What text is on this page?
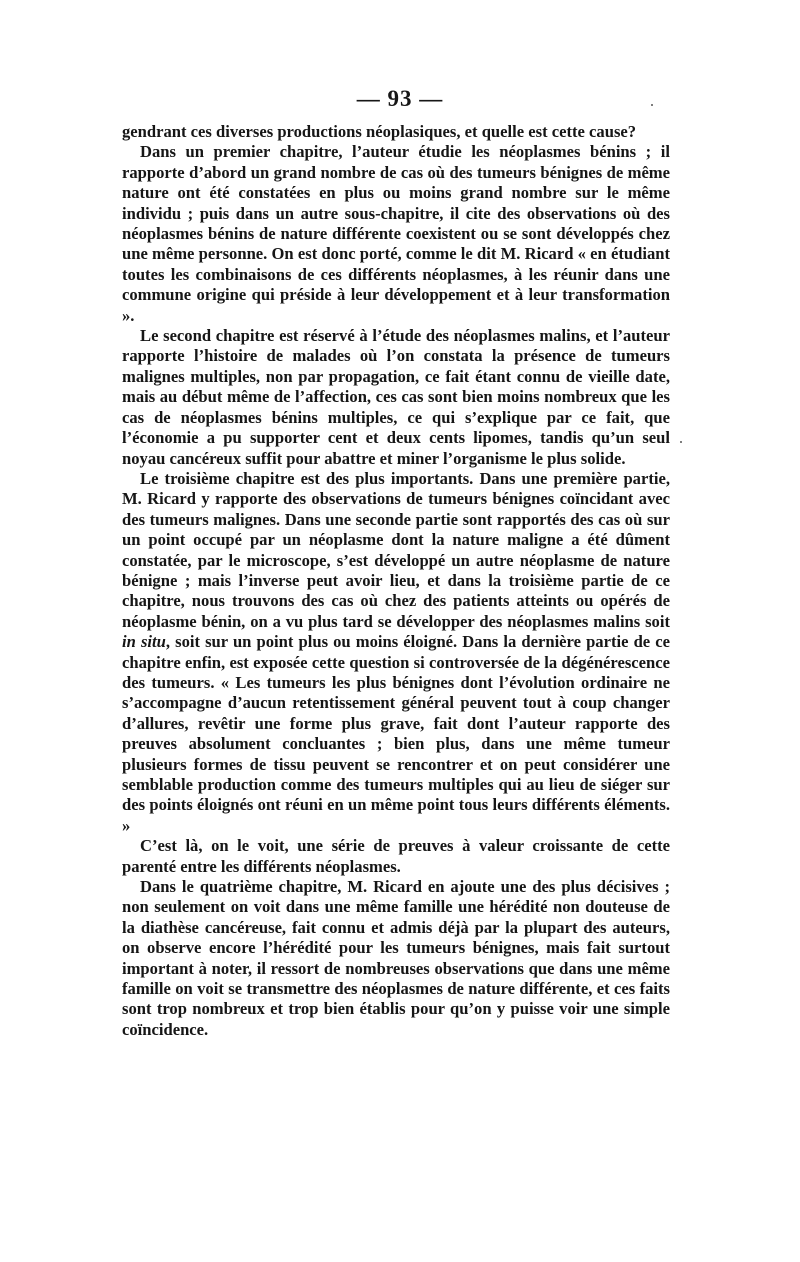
— 93 —

gendrant ces diverses productions néoplasiques, et quelle est cette cause?

Dans un premier chapitre, l’auteur étudie les néoplasmes bénins ; il rapporte d’abord un grand nombre de cas où des tumeurs bénignes de même nature ont été constatées en plus ou moins grand nombre sur le même individu ; puis dans un autre sous-chapitre, il cite des observations où des néoplasmes bénins de nature différente coexistent ou se sont développés chez une même personne. On est donc porté, comme le dit M. Ricard « en étudiant toutes les combinaisons de ces différents néoplasmes, à les réunir dans une commune origine qui préside à leur développement et à leur transformation ».

Le second chapitre est réservé à l’étude des néoplasmes malins, et l’auteur rapporte l’histoire de malades où l’on constata la présence de tumeurs malignes multiples, non par propagation, ce fait étant connu de vieille date, mais au début même de l’affection, ces cas sont bien moins nombreux que les cas de néoplasmes bénins multiples, ce qui s’explique par ce fait, que l’économie a pu supporter cent et deux cents lipomes, tandis qu’un seul noyau cancéreux suffit pour abattre et miner l’organisme le plus solide.

Le troisième chapitre est des plus importants. Dans une première partie, M. Ricard y rapporte des observations de tumeurs bénignes coïncidant avec des tumeurs malignes. Dans une seconde partie sont rapportés des cas où sur un point occupé par un néoplasme dont la nature maligne a été dûment constatée, par le microscope, s’est développé un autre néoplasme de nature bénigne ; mais l’inverse peut avoir lieu, et dans la troisième partie de ce chapitre, nous trouvons des cas où chez des patients atteints ou opérés de néoplasme bénin, on a vu plus tard se développer des néoplasmes malins soit in situ, soit sur un point plus ou moins éloigné. Dans la dernière partie de ce chapitre enfin, est exposée cette question si controversée de la dégénérescence des tumeurs. « Les tumeurs les plus bénignes dont l’évolution ordinaire ne s’accompagne d’aucun retentissement général peuvent tout à coup changer d’allures, revêtir une forme plus grave, fait dont l’auteur rapporte des preuves absolument concluantes ; bien plus, dans une même tumeur plusieurs formes de tissu peuvent se rencontrer et on peut considérer une semblable production comme des tumeurs multiples qui au lieu de siéger sur des points éloignés ont réuni en un même point tous leurs différents éléments. »

C’est là, on le voit, une série de preuves à valeur croissante de cette parenté entre les différents néoplasmes.

Dans le quatrième chapitre, M. Ricard en ajoute une des plus décisives ; non seulement on voit dans une même famille une hérédité non douteuse de la diathèse cancéreuse, fait connu et admis déjà par la plupart des auteurs, on observe encore l’hérédité pour les tumeurs bénignes, mais fait surtout important à noter, il ressort de nombreuses observations que dans une même famille on voit se transmettre des néoplasmes de nature différente, et ces faits sont trop nombreux et trop bien établis pour qu’on y puisse voir une simple coïncidence.
